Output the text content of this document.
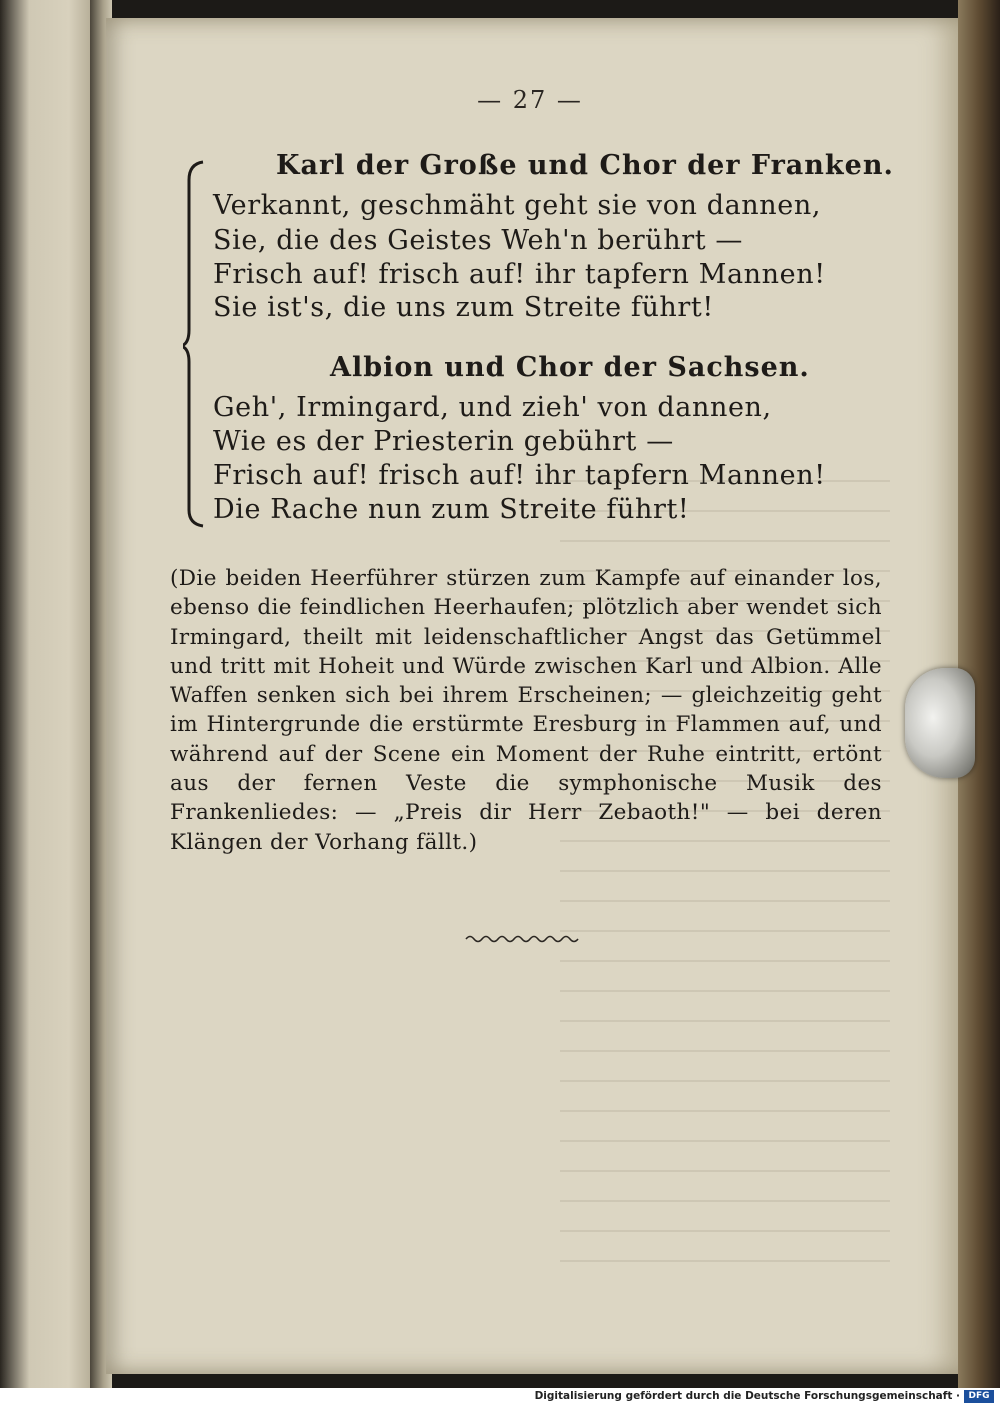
— 27 —
Karl der Große und Chor der Franken.
Verkannt, geschmäht geht sie von dannen,
Sie, die des Geistes Weh'n berührt —
Frisch auf! frisch auf! ihr tapfern Mannen!
Sie ist's, die uns zum Streite führt!
Albion und Chor der Sachsen.
Geh', Irmingard, und zieh' von dannen,
Wie es der Priesterin gebührt —
Frisch auf! frisch auf! ihr tapfern Mannen!
Die Rache nun zum Streite führt!
(Die beiden Heerführer stürzen zum Kampfe auf einander los, ebenso die feindlichen Heerhaufen; plötzlich aber wendet sich Irmingard, theilt mit leidenschaftlicher Angst das Getümmel und tritt mit Hoheit und Würde zwischen Karl und Albion. Alle Waffen senken sich bei ihrem Erscheinen; — gleichzeitig geht im Hintergrunde die erstürmte Eresburg in Flammen auf, und während auf der Scene ein Moment der Ruhe eintritt, ertönt aus der fernen Veste die symphonische Musik des Frankenliedes: — „Preis dir Herr Zebaoth!" — bei deren Klängen der Vorhang fällt.)
Digitalisierung gefördert durch die Deutsche Forschungsgemeinschaft · DFG
